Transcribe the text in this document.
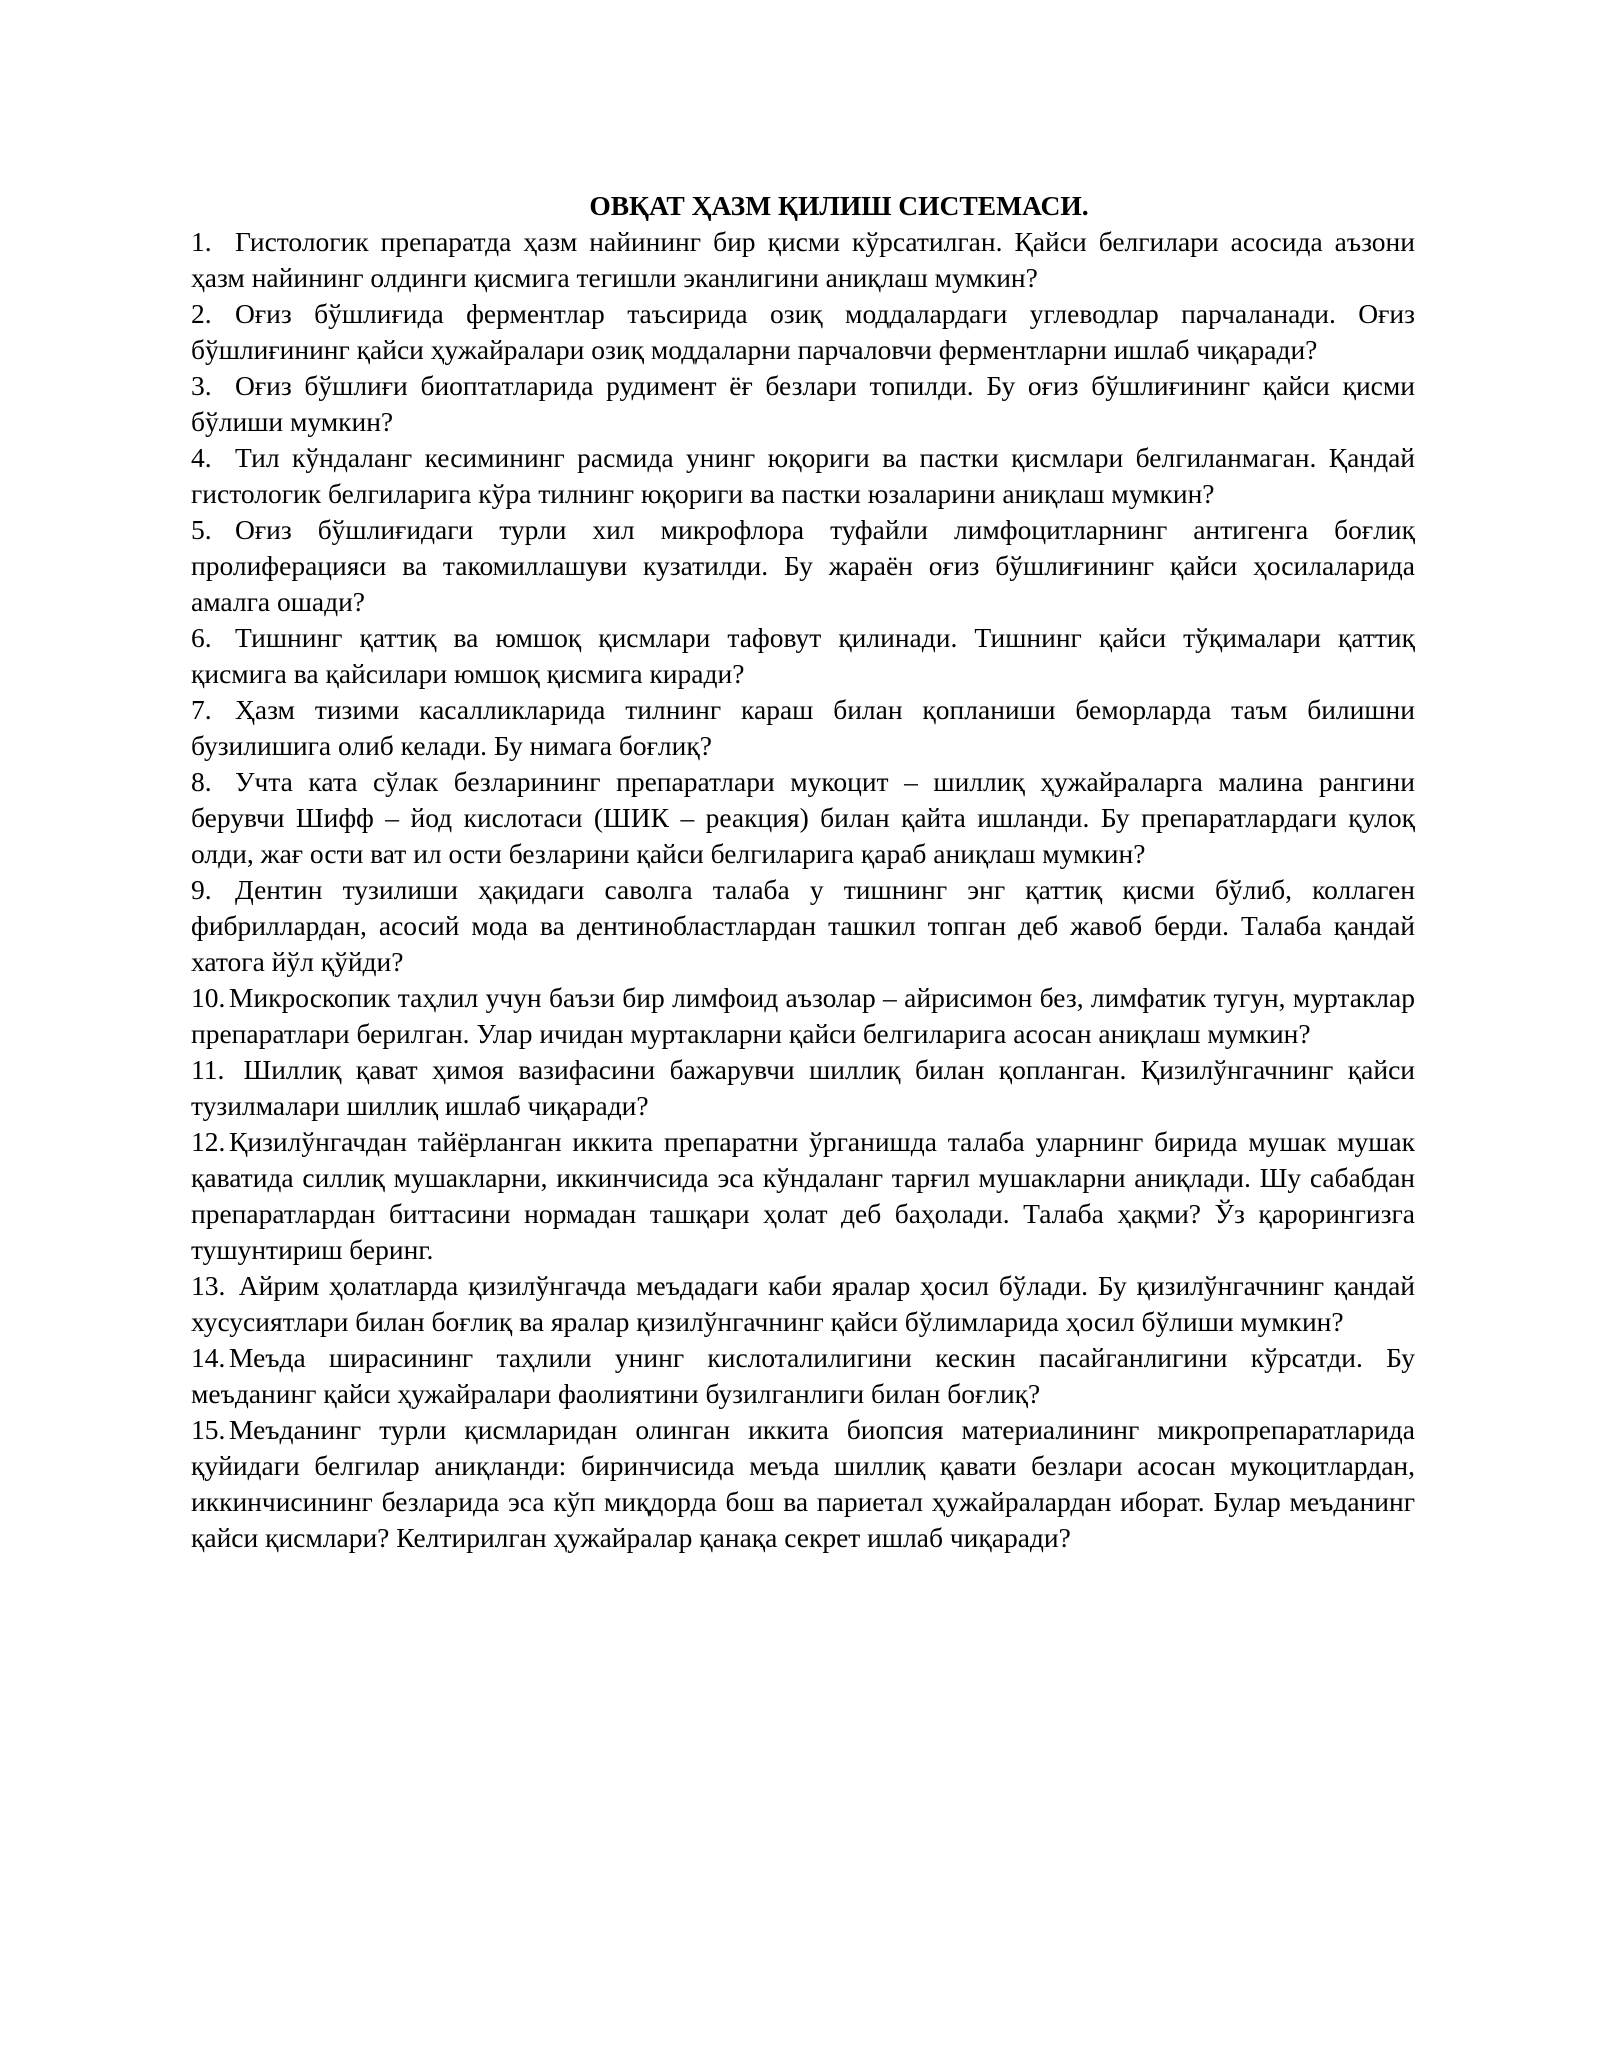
ОВҚАТ ҲАЗМ ҚИЛИШ СИСТЕМАСИ.

1. Гистологик препаратда ҳазм найининг бир қисми кўрсатилган. Қайси белгилари асосида аъзони ҳазм найининг олдинги қисмига тегишли эканлигини аниқлаш мумкин?

2. Оғиз бўшлиғида ферментлар таъсирида озиқ моддалардаги углеводлар парчаланади. Оғиз бўшлиғининг қайси ҳужайралари озиқ моддаларни парчаловчи ферментларни ишлаб чиқаради?

3. Оғиз бўшлиғи биоптатларида рудимент ёғ безлари топилди. Бу оғиз бўшлиғининг қайси қисми бўлиши мумкин?

4. Тил кўндаланг кесимининг расмида унинг юқориги ва пастки қисмлари белгиланмаган. Қандай гистологик белгиларига кўра тилнинг юқориги ва пастки юзаларини аниқлаш мумкин?

5. Оғиз бўшлиғидаги турли хил микрофлора туфайли лимфоцитларнинг антигенга боғлиқ пролиферацияси ва такомиллашуви кузатилди. Бу жараён оғиз бўшлиғининг қайси ҳосилаларида амалга ошади?

6. Тишнинг қаттиқ ва юмшоқ қисмлари тафовут қилинади. Тишнинг қайси тўқималари қаттиқ қисмига ва қайсилари юмшоқ қисмига киради?

7. Ҳазм тизими касалликларида тилнинг караш билан қопланиши беморларда таъм билишни бузилишига олиб келади. Бу нимага боғлиқ?

8. Учта ката сўлак безларининг препаратлари мукоцит – шиллиқ ҳужайраларга малина рангини берувчи Шифф – йод кислотаси (ШИК – реакция) билан қайта ишланди. Бу препаратлардаги қулоқ олди, жағ ости ват ил ости безларини қайси белгиларига қараб аниқлаш мумкин?

9. Дентин тузилиши ҳақидаги саволга талаба у тишнинг энг қаттиқ қисми бўлиб, коллаген фибриллардан, асосий мода ва дентинобластлардан ташкил топган деб жавоб берди. Талаба қандай хатога йўл қўйди?

10. Микроскопик таҳлил учун баъзи бир лимфоид аъзолар – айрисимон без, лимфатик тугун, муртаклар препаратлари берилган. Улар ичидан муртакларни қайси белгиларига асосан аниқлаш мумкин?

11. Шиллиқ қават ҳимоя вазифасини бажарувчи шиллиқ билан қопланган. Қизилўнгачнинг қайси тузилмалари шиллиқ ишлаб чиқаради?

12. Қизилўнгачдан тайёрланган иккита препаратни ўрганишда талаба уларнинг бирида мушак мушак қаватида силлиқ мушакларни, иккинчисида эса кўндаланг тарғил мушакларни аниқлади. Шу сабабдан препаратлардан биттасини нормадан ташқари ҳолат деб баҳолади. Талаба ҳақми? Ўз қарорингизга тушунтириш беринг.

13. Айрим ҳолатларда қизилўнгачда меъдадаги каби яралар ҳосил бўлади. Бу қизилўнгачнинг қандай хусусиятлари билан боғлиқ ва яралар қизилўнгачнинг қайси бўлимларида ҳосил бўлиши мумкин?

14. Меъда ширасининг таҳлили унинг кислоталилигини кескин пасайганлигини кўрсатди. Бу меъданинг қайси ҳужайралари фаолиятини бузилганлиги билан боғлиқ?

15. Меъданинг турли қисмларидан олинган иккита биопсия материалининг микропрепаратларида қуйидаги белгилар аниқланди: биринчисида меъда шиллиқ қавати безлари асосан мукоцитлардан, иккинчисининг безларида эса кўп миқдорда бош ва париетал ҳужайралардан иборат. Булар меъданинг қайси қисмлари? Келтирилган ҳужайралар қанақа секрет ишлаб чиқаради?
